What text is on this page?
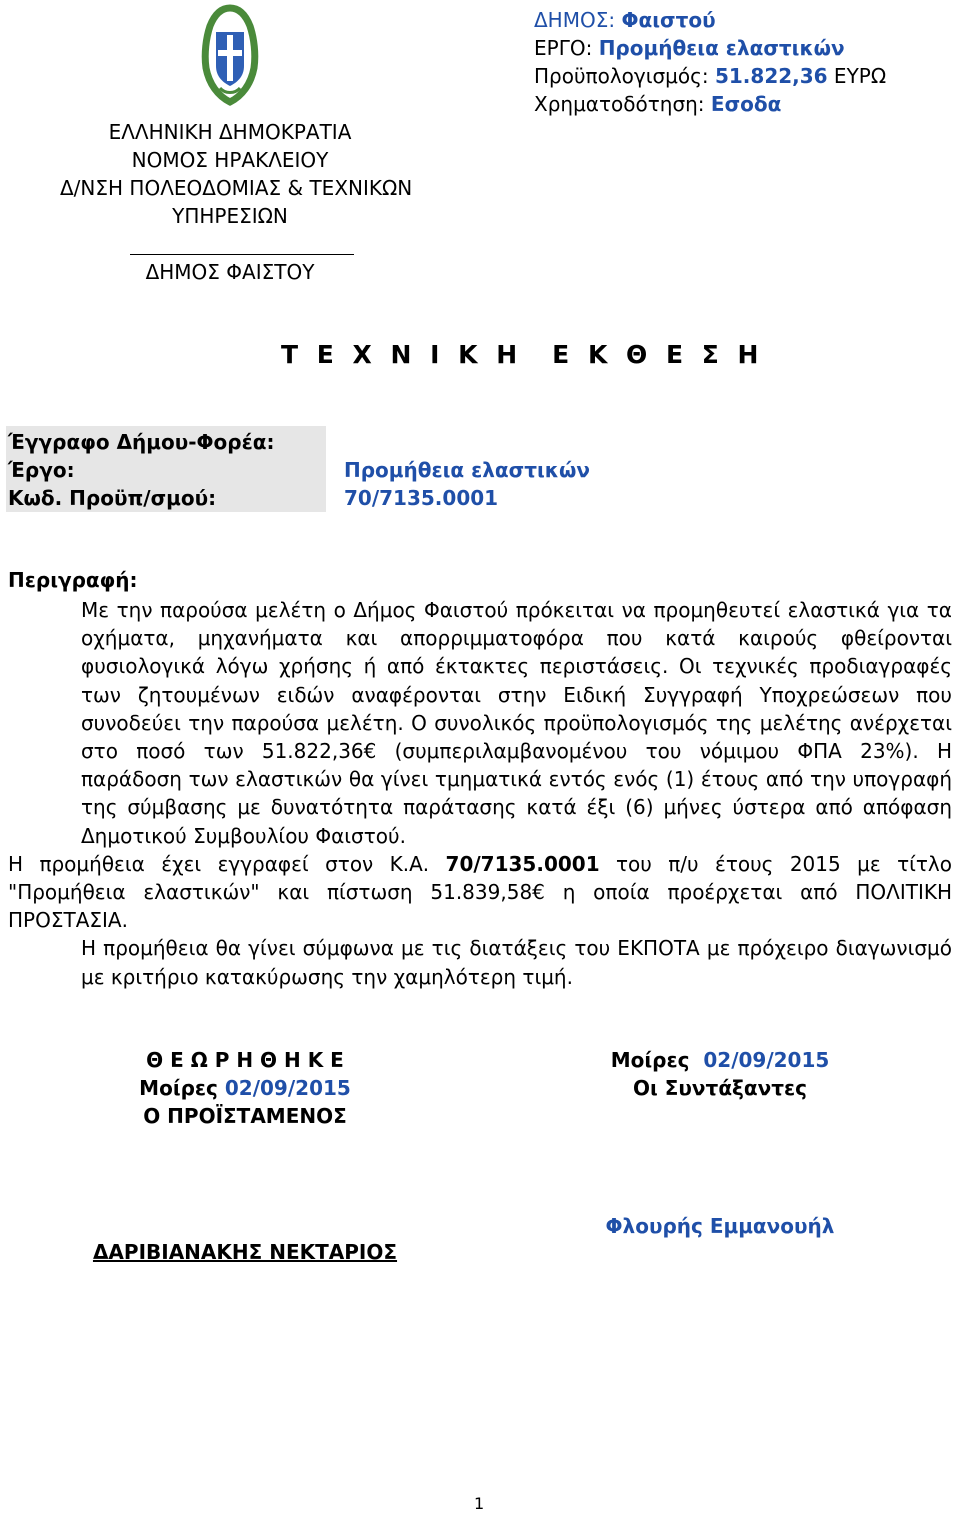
ΕΛΛΗΝΙΚΗ ΔΗΜΟΚΡΑΤΙΑ
ΝΟΜΟΣ ΗΡΑΚΛΕΙΟΥ
Δ/ΝΣΗ ΠΟΛΕΟΔΟΜΙΑΣ & ΤΕΧΝΙΚΩΝ
ΥΠΗΡΕΣΙΩΝ
ΔΗΜΟΣ ΦΑΙΣΤΟΥ
ΔΗΜΟΣ: Φαιστού
ΕΡΓΟ: Προμήθεια ελαστικών
Προϋπολογισμός: 51.822,36 ΕΥΡΩ
Χρηματοδότηση: Εσοδα
Τ Ε Χ Ν Ι Κ Η Ε Κ Θ Ε Σ Η
Έγγραφο Δήμου-Φορέα:
Έργο:
Κωδ. Προϋπ/σμού:
Προμήθεια ελαστικών
70/7135.0001
Περιγραφή:
Με την παρούσα μελέτη ο Δήμος Φαιστού πρόκειται να προμηθευτεί ελαστικά για τα οχήματα, μηχανήματα και απορριμματοφόρα που κατά καιρούς φθείρονται φυσιολογικά λόγω χρήσης ή από έκτακτες περιστάσεις. Οι τεχνικές προδιαγραφές των ζητουμένων ειδών αναφέρονται στην Ειδική Συγγραφή Υποχρεώσεων που συνοδεύει την παρούσα μελέτη. Ο συνολικός προϋπολογισμός της μελέτης ανέρχεται στο ποσό των 51.822,36€ (συμπεριλαμβανομένου του νόμιμου ΦΠΑ 23%). Η παράδοση των ελαστικών θα γίνει τμηματικά εντός ενός (1) έτους από την υπογραφή της σύμβασης με δυνατότητα παράτασης κατά έξι (6) μήνες ύστερα από απόφαση Δημοτικού Συμβουλίου Φαιστού.
Η προμήθεια έχει εγγραφεί στον Κ.Α. 70/7135.0001 του π/υ έτους 2015 με τίτλο "Προμήθεια ελαστικών" και πίστωση 51.839,58€ η οποία προέρχεται από ΠΟΛΙΤΙΚΗ ΠΡΟΣΤΑΣΙΑ.
Η προμήθεια θα γίνει σύμφωνα με τις διατάξεις του ΕΚΠΟΤΑ με πρόχειρο διαγωνισμό με κριτήριο κατακύρωσης την χαμηλότερη τιμή.
Θ Ε Ω Ρ Η Θ Η Κ Ε
Μοίρες 02/09/2015
Ο ΠΡΟΪΣΤΑΜΕΝΟΣ
Μοίρες  02/09/2015
Οι Συντάξαντες
ΔΑΡΙΒΙΑΝΑΚΗΣ ΝΕΚΤΑΡΙΟΣ
Φλουρής Εμμανουήλ
1
